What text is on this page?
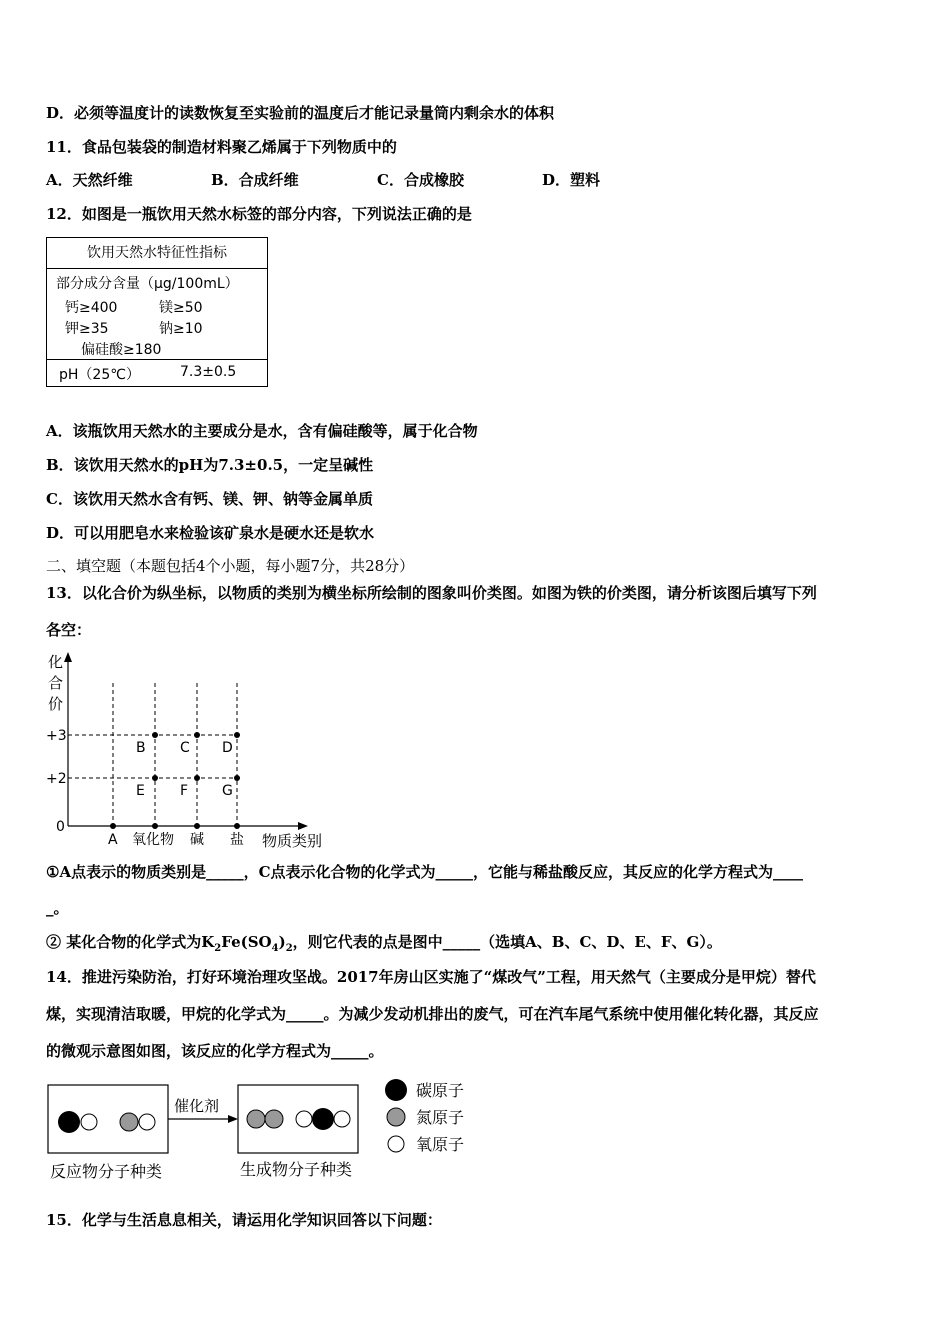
D．必须等温度计的读数恢复至实验前的温度后才能记录量筒内剩余水的体积
11．食品包装袋的制造材料聚乙烯属于下列物质中的
A．天然纤维	B．合成纤维	C．合成橡胶	D．塑料
12．如图是一瓶饮用天然水标签的部分内容，下列说法正确的是
饮用天然水特征性指标
部分成分含量（μg/100mL）
钙≥400	镁≥50
钾≥35	钠≥10
偏硅酸≥180
pH（25℃）	7.3±0.5
A．该瓶饮用天然水的主要成分是水，含有偏硅酸等，属于化合物
B．该饮用天然水的pH为7.3±0.5，一定呈碱性
C．该饮用天然水含有钙、镁、钾、钠等金属单质
D．可以用肥皂水来检验该矿泉水是硬水还是软水
二、填空题（本题包括4个小题，每小题7分，共28分）
13．以化合价为纵坐标，以物质的类别为横坐标所绘制的图象叫价类图。如图为铁的价类图，请分析该图后填写下列
各空：
化
合
价
+3
+2
0
B C D
E	F G
A 氧化物 碱 盐 物质类别
①A点表示的物质类别是_____，C点表示化合物的化学式为_____，它能与稀盐酸反应，其反应的化学方程式为____
_。
② 某化合物的化学式为$K_2Fe(SO_4)_2$，则它代表的点是图中_____（选填A、B、C、D、E、F、G）。
14．推进污染防治，打好环境治理攻坚战。2017年房山区实施了“煤改气”工程，用天然气（主要成分是甲烷）替代
煤，实现清洁取暖，甲烷的化学式为_____。为减少发动机排出的废气，可在汽车尾气系统中使用催化转化器，其反应
的微观示意图如图，该反应的化学方程式为_____。
催化剂
反应物分子种类	生成物分子种类
碳原子
氮原子
氧原子
15．化学与生活息息相关，请运用化学知识回答以下问题：
